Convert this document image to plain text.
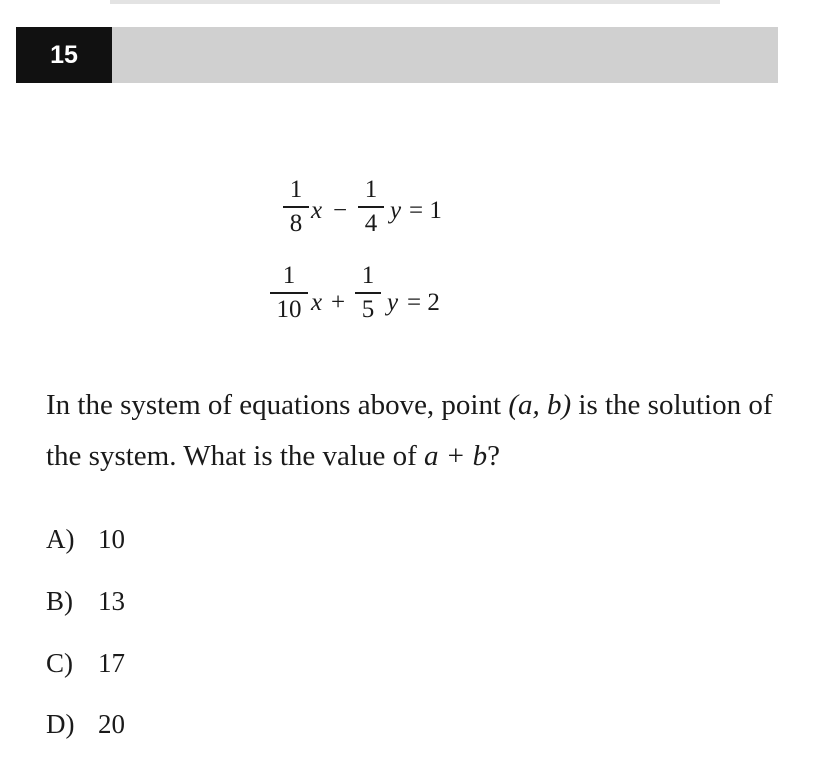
15
1
8 x −
1
4 y = 1
1
10 x +
1
5 y = 2
In the system of equations above, point (a, b) is the solution of the system. What is the value of a + b?
A) 10
B) 13
C) 17
D) 20
